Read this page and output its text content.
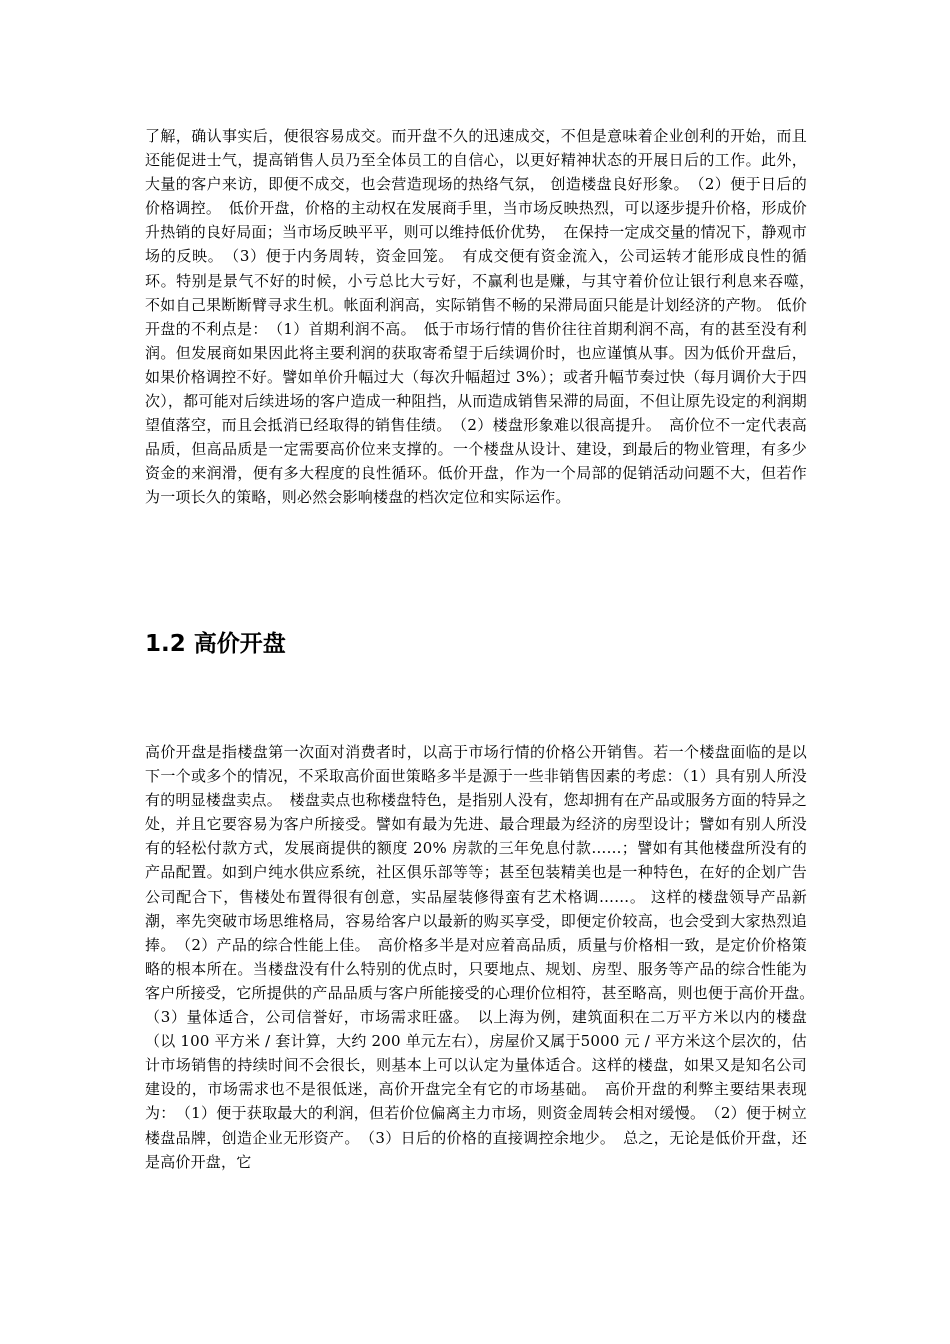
了解，确认事实后，便很容易成交。而开盘不久的迅速成交，不但是意味着企业创利的开始，而且还能促进士气，提高销售人员乃至全体员工的自信心，以更好精神状态的开展日后的工作。此外，大量的客户来访，即便不成交，也会营造现场的热络气氛， 创造楼盘良好形象。　（2）便于日后的价格调控。　低价开盘，价格的主动权在发展商手里，当市场反映热烈，可以逐步提升价格，形成价升热销的良好局面；当市场反映平平，则可以维持低价优势，　在保持一定成交量的情况下，静观市场的反映。　（3）便于内务周转，资金回笼。　有成交便有资金流入，公司运转才能形成良性的循环。特别是景气不好的时候，小亏总比大亏好，不赢利也是赚，与其守着价位让银行利息来吞噬，　不如自己果断断臂寻求生机。帐面利润高，实际销售不畅的呆滞局面只能是计划经济的产物。 低价开盘的不利点是：　（1）首期利润不高。　低于市场行情的售价往往首期利润不高，有的甚至没有利润。但发展商如果因此将主要利润的获取寄希望于后续调价时，也应谨慎从事。因为低价开盘后，如果价格调控不好。譬如单价升幅过大（每次升幅超过 3%）；或者升幅节奏过快（每月调价大于四次），都可能对后续进场的客户造成一种阻挡，从而造成销售呆滞的局面，不但让原先设定的利润期望值落空，而且会抵消已经取得的销售佳绩。　（2）楼盘形象难以很高提升。　高价位不一定代表高品质，但高品质是一定需要高价位来支撑的。一个楼盘从设计、建设，到最后的物业管理，有多少资金的来润滑，便有多大程度的良性循环。低价开盘，作为一个局部的促销活动问题不大，但若作为一项长久的策略，则必然会影响楼盘的档次定位和实际运作。

1.2 高价开盘

高价开盘是指楼盘第一次面对消费者时，以高于市场行情的价格公开销售。若一个楼盘面临的是以下一个或多个的情况，不采取高价面世策略多半是源于一些非销售因素的考虑：（1）具有别人所没有的明显楼盘卖点。　楼盘卖点也称楼盘特色，是指别人没有，您却拥有在产品或服务方面的特异之处，并且它要容易为客户所接受。譬如有最为先进、最合理最为经济的房型设计；譬如有别人所没有的轻松付款方式，发展商提供的额度 20% 房款的三年免息付款……；譬如有其他楼盘所没有的产品配置。如到户纯水供应系统，社区俱乐部等等；甚至包装精美也是一种特色，在好的企划广告公司配合下，售楼处布置得很有创意，实品屋装修得蛮有艺术格调……。 这样的楼盘领导产品新潮，率先突破市场思维格局，容易给客户以最新的购买享受，即便定价较高，也会受到大家热烈追捧。　（2）产品的综合性能上佳。　高价格多半是对应着高品质，质量与价格相一致，是定价价格策略的根本所在。当楼盘没有什么特别的优点时，只要地点、规划、房型、服务等产品的综合性能为客户所接受，它所提供的产品品质与客户所能接受的心理价位相符，甚至略高，则也便于高价开盘。　（3）量体适合，公司信誉好，市场需求旺盛。　以上海为例，建筑面积在二万平方米以内的楼盘（以 100 平方米 / 套计算，大约 200 单元左右），房屋价又属于5000 元 / 平方米这个层次的，估计市场销售的持续时间不会很长，则基本上可以认定为量体适合。这样的楼盘，如果又是知名公司建设的，市场需求也不是很低迷，高价开盘完全有它的市场基础。　高价开盘的利弊主要结果表现为：　（1）便于获取最大的利润，但若价位偏离主力市场，则资金周转会相对缓慢。　（2）便于树立楼盘品牌，创造企业无形资产。　（3）日后的价格的直接调控余地少。　总之，无论是低价开盘，还是高价开盘，它
